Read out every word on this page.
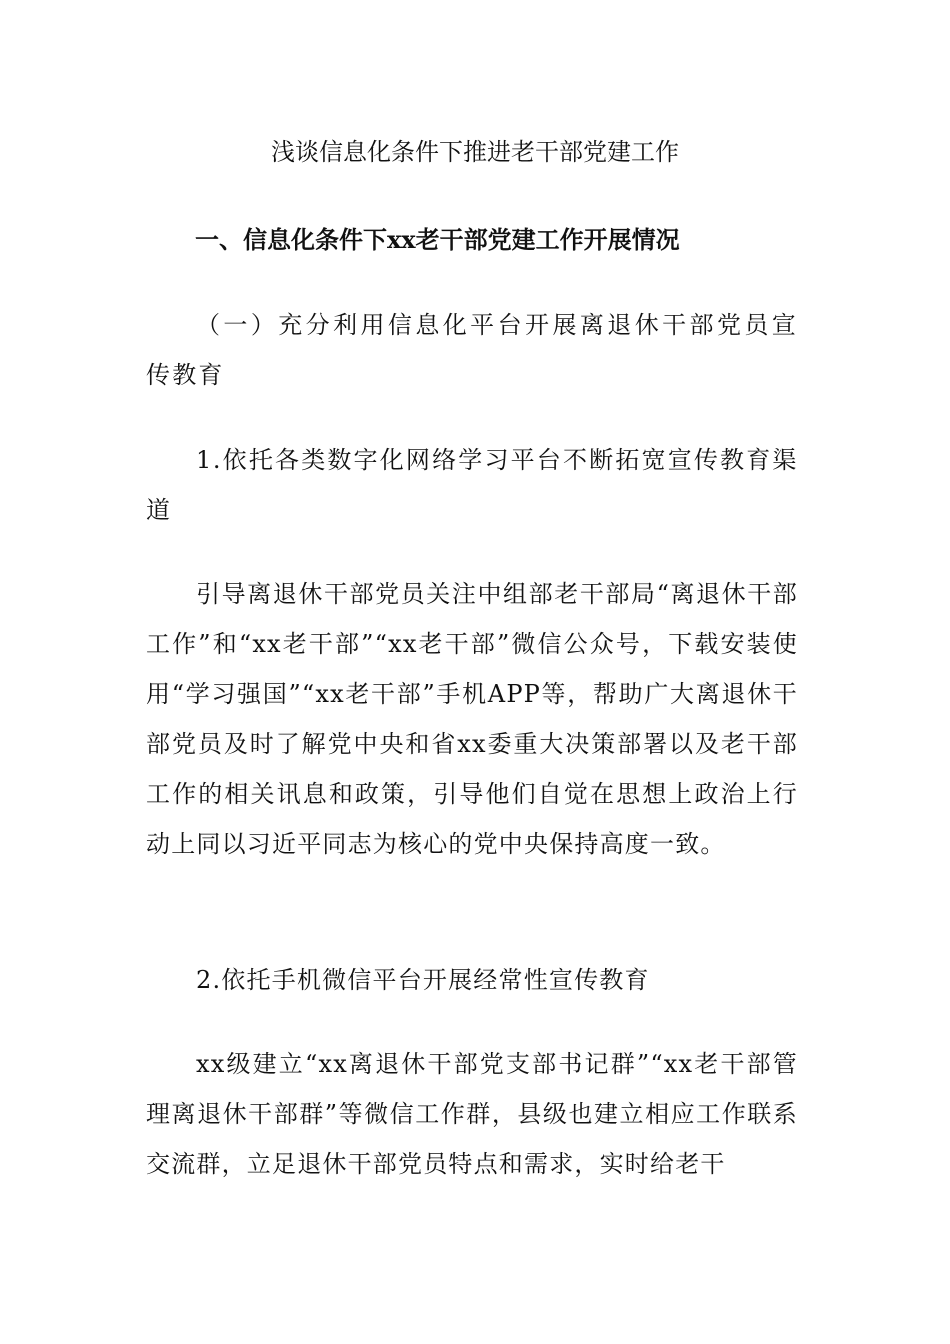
浅谈信息化条件下推进老干部党建工作
一、信息化条件下xx老干部党建工作开展情况

（一）充分利用信息化平台开展离退休干部党员宣传教育

1.依托各类数字化网络学习平台不断拓宽宣传教育渠道

引导离退休干部党员关注中组部老干部局“离退休干部工作”和“xx老干部”“xx老干部”微信公众号，下载安装使用“学习强国”“xx老干部”手机APP等，帮助广大离退休干部党员及时了解党中央和省xx委重大决策部署以及老干部工作的相关讯息和政策，引导他们自觉在思想上政治上行动上同以习近平同志为核心的党中央保持高度一致。

2.依托手机微信平台开展经常性宣传教育

xx级建立“xx离退休干部党支部书记群”“xx老干部管理离退休干部群”等微信工作群，县级也建立相应工作联系交流群，立足退休干部党员特点和需求，实时给老干
